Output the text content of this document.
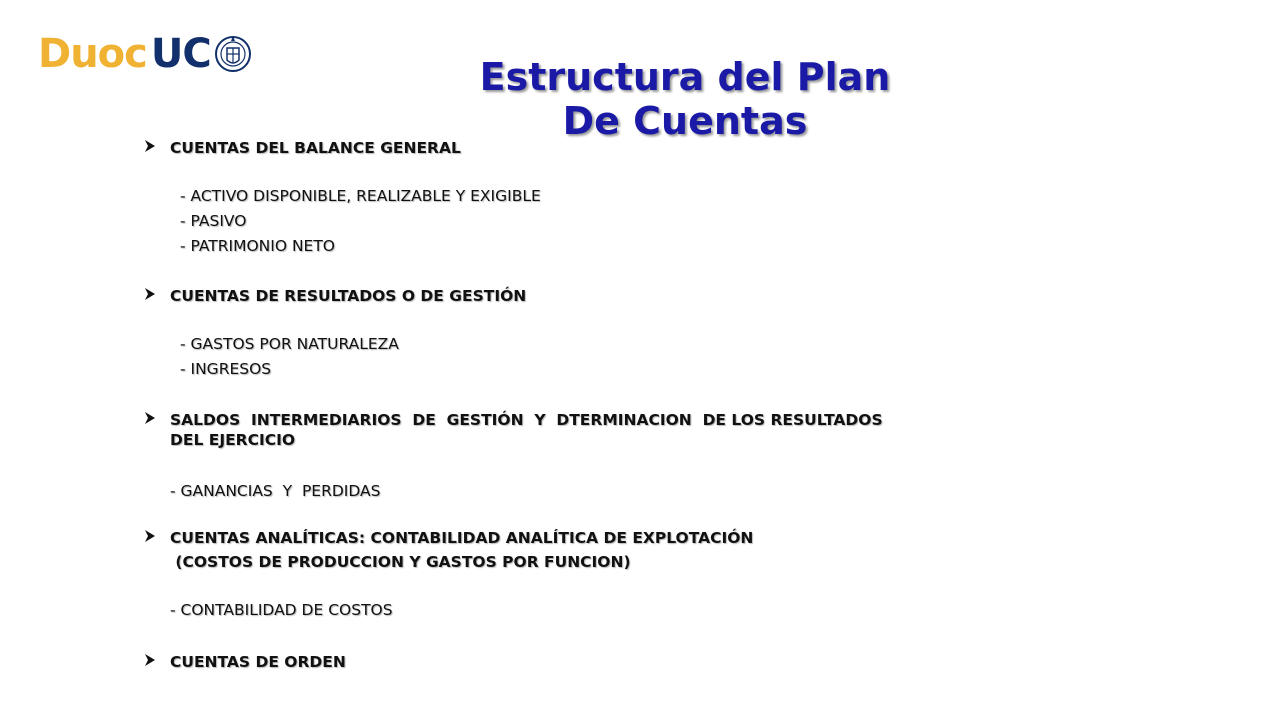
Duoc UC	Estructura del Plan
De Cuentas
CUENTAS DEL BALANCE GENERAL
- ACTIVO DISPONIBLE, REALIZABLE Y EXIGIBLE
- PASIVO
- PATRIMONIO NETO
CUENTAS DE RESULTADOS O DE GESTIÓN
- GASTOS POR NATURALEZA
- INGRESOS
SALDOS  INTERMEDIARIOS  DE  GESTIÓN  Y  DTERMINACION  DE LOS RESULTADOS
DEL EJERCICIO
- GANANCIAS  Y  PERDIDAS
CUENTAS ANALÍTICAS: CONTABILIDAD ANALÍTICA DE EXPLOTACIÓN
(COSTOS DE PRODUCCION Y GASTOS POR FUNCION)
- CONTABILIDAD DE COSTOS
CUENTAS DE ORDEN
